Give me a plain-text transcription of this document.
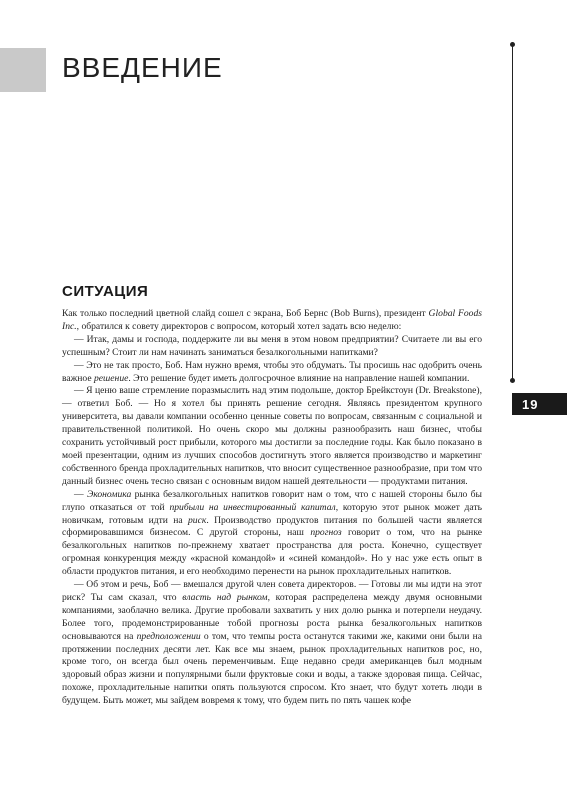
ВВЕДЕНИЕ
19
СИТУАЦИЯ

Как только последний цветной слайд сошел с экрана, Боб Бернс (Bob Burns), президент Global Foods Inc., обратился к совету директоров с вопросом, который хотел задать всю неделю:

— Итак, дамы и господа, поддержите ли вы меня в этом новом предприятии? Считаете ли вы его успешным? Стоит ли нам начинать заниматься безалкогольными напитками?

— Это не так просто, Боб. Нам нужно время, чтобы это обдумать. Ты просишь нас одобрить очень важное решение. Это решение будет иметь долгосрочное влияние на направление нашей компании.

— Я ценю ваше стремление поразмыслить над этим подольше, доктор Брейкстоун (Dr. Breakstone), — ответил Боб. — Но я хотел бы принять решение сегодня. Являясь президентом крупного университета, вы давали компании особенно ценные советы по вопросам, связанным с социальной и правительственной политикой. Но очень скоро мы должны разнообразить наш бизнес, чтобы сохранить устойчивый рост прибыли, которого мы достигли за последние годы. Как было показано в моей презентации, одним из лучших способов достигнуть этого является производство и маркетинг собственного бренда прохладительных напитков, что вносит существенное разнообразие, при том что данный бизнес очень тесно связан с основным видом нашей деятельности — продуктами питания.

— Экономика рынка безалкогольных напитков говорит нам о том, что с нашей стороны было бы глупо отказаться от той прибыли на инвестированный капитал, которую этот рынок может дать новичкам, готовым идти на риск. Производство продуктов питания по большей части является сформировавшимся бизнесом. С другой стороны, наш прогноз говорит о том, что на рынке безалкогольных напитков по-прежнему хватает пространства для роста. Конечно, существует огромная конкуренция между «красной командой» и «синей командой». Но у нас уже есть опыт в области продуктов питания, и его необходимо перенести на рынок прохладительных напитков.

— Об этом и речь, Боб — вмешался другой член совета директоров. — Готовы ли мы идти на этот риск? Ты сам сказал, что власть над рынком, которая распределена между двумя основными компаниями, заоблачно велика. Другие пробовали захватить у них долю рынка и потерпели неудачу. Более того, продемонстрированные тобой прогнозы роста рынка безалкогольных напитков основываются на предположении о том, что темпы роста останутся такими же, какими они были на протяжении последних десяти лет. Как все мы знаем, рынок прохладительных напитков рос, но, кроме того, он всегда был очень переменчивым. Еще недавно среди американцев был модным здоровый образ жизни и популярными были фруктовые соки и воды, а также здоровая пища. Сейчас, похоже, прохладительные напитки опять пользуются спросом. Кто знает, что будут хотеть люди в будущем. Быть может, мы зайдем вовремя к тому, что будем пить по пять чашек кофе
